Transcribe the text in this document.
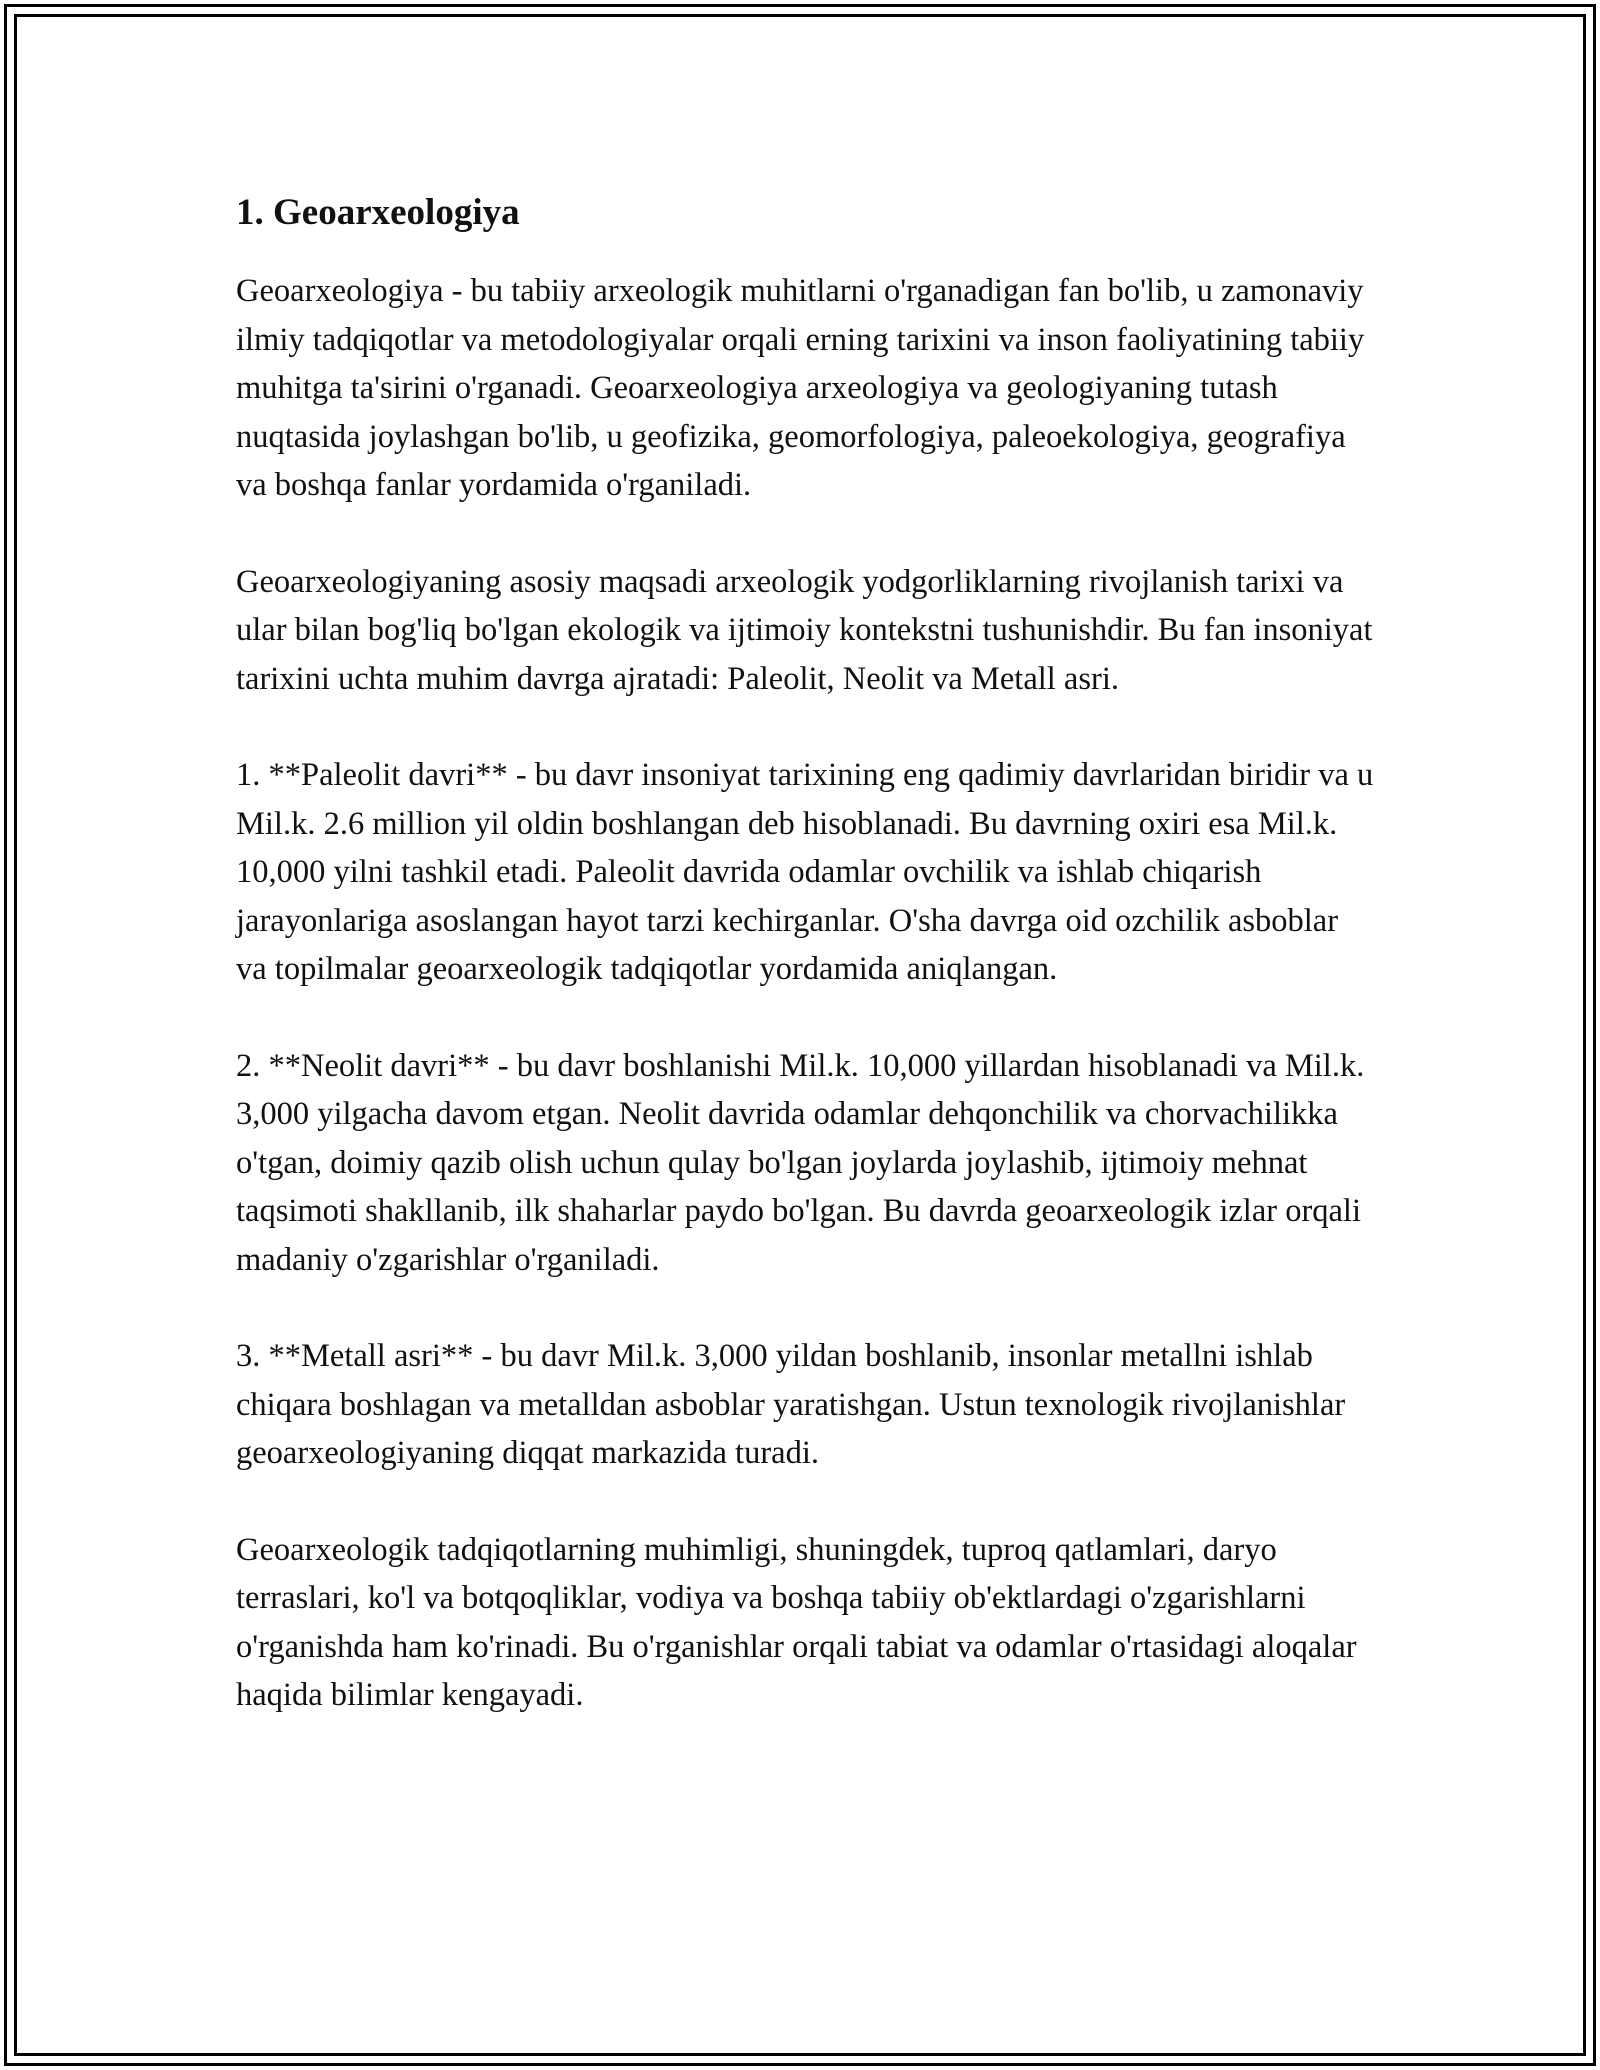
1. Geoarxeologiya

Geoarxeologiya - bu tabiiy arxeologik muhitlarni o'rganadigan fan bo'lib, u zamonaviy ilmiy tadqiqotlar va metodologiyalar orqali erning tarixini va inson faoliyatining tabiiy muhitga ta'sirini o'rganadi. Geoarxeologiya arxeologiya va geologiyaning tutash nuqtasida joylashgan bo'lib, u geofizika, geomorfologiya, paleoekologiya, geografiya va boshqa fanlar yordamida o'rganiladi.

Geoarxeologiyaning asosiy maqsadi arxeologik yodgorliklarning rivojlanish tarixi va ular bilan bog'liq bo'lgan ekologik va ijtimoiy kontekstni tushunishdir. Bu fan insoniyat tarixini uchta muhim davrga ajratadi: Paleolit, Neolit va Metall asri.

1. **Paleolit davri** - bu davr insoniyat tarixining eng qadimiy davrlaridan biridir va u Mil.k. 2.6 million yil oldin boshlangan deb hisoblanadi. Bu davrning oxiri esa Mil.k. 10,000 yilni tashkil etadi. Paleolit davrida odamlar ovchilik va ishlab chiqarish jarayonlariga asoslangan hayot tarzi kechirganlar. O'sha davrga oid ozchilik asboblar va topilmalar geoarxeologik tadqiqotlar yordamida aniqlangan.

2. **Neolit davri** - bu davr boshlanishi Mil.k. 10,000 yillardan hisoblanadi va Mil.k. 3,000 yilgacha davom etgan. Neolit davrida odamlar dehqonchilik va chorvachilikka o'tgan, doimiy qazib olish uchun qulay bo'lgan joylarda joylashib, ijtimoiy mehnat taqsimoti shakllanib, ilk shaharlar paydo bo'lgan. Bu davrda geoarxeologik izlar orqali madaniy o'zgarishlar o'rganiladi.

3. **Metall asri** - bu davr Mil.k. 3,000 yildan boshlanib, insonlar metallni ishlab chiqara boshlagan va metalldan asboblar yaratishgan. Ustun texnologik rivojlanishlar geoarxeologiyaning diqqat markazida turadi.

Geoarxeologik tadqiqotlarning muhimligi, shuningdek, tuproq qatlamlari, daryo terraslari, ko'l va botqoqliklar, vodiya va boshqa tabiiy ob'ektlardagi o'zgarishlarni o'rganishda ham ko'rinadi. Bu o'rganishlar orqali tabiat va odamlar o'rtasidagi aloqalar haqida bilimlar kengayadi.
